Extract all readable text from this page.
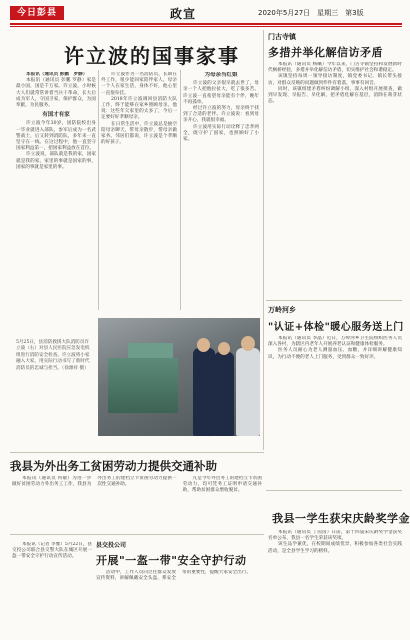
今日彭县	政宣	2020年5月27日　星期三　第3版
许立波的国事家事

本报讯（通讯员 彭鹏　罗静）

本报讯（通讯员 彭鹏 罗静）家是最小国，国是千万家。许立波，小时候大人们就常常讲着当兵干革命，长大后成为军人，守国卫家，保护群众，为国奉献，为民服务。

有国才有家

许立波今年30岁，国防院校出身一毕业就进入部队，参军后成为一名武警战士，后又转到消防队，多年来一直坚守在一线。在这过程中，他一直坚守国家利益第一，把国家利益放在首位。

许立波说，部队就是我的家，国家就是我的家，家里的事就是国家的事，国家的事就是家里的事。

许立波作为一名消防员，长期在外工作，很少能回家陪伴家人。母亲一个人在家生活，身体不好，他心里一直很牵挂。

2018年许立波调回县消防大队工作，终于能够在家乡照顾母亲。他说：这些年欠家里的太多了，今后一定要好好孝顺母亲。

在日常生活中，许立波总是抽空陪母亲聊天，带母亲散步，帮母亲做家务。邻居们都说，许立波是个孝顺的好孩子。

为母亲当红娘

许立波的父亲很早就去世了，母亲一个人把他拉扯大，吃了很多苦。许立波一直希望母亲能有个伴，晚年不再孤单。

经过许立波的努力，母亲终于找到了合适的老伴。许立波说：看到母亲开心，我就很幸福。

许立波用实际行动诠释了忠孝两全，既守护了国家，也照顾好了小家。

5月25日，县消防救援大队消防员许立波（右）对县人民医院应急发电机组进行消防安全检查。许立波将小家融入大家，用实际行动书写了新时代消防员的忠诚与担当。（徐源祥 摄）
门古寺镇
多措并举化解信访矛盾

本报讯（通讯员 杨曦）今年以来，门古寺镇坚持和发展新时代枫桥经验，多措并举化解信访矛盾，切实维护社会和谐稳定。

该镇坚持每周一领导接访制度，镇党委书记、镇长带头接访，对群众反映的问题做到件件有着落，事事有回音。

同时，该镇组建矛盾纠纷调解小组，深入村组开展排查，做到早发现、早报告、早化解，把矛盾化解在基层，消除在萌芽状态。

万岭河乡
"认证+体检"暖心服务送上门

本报讯（通讯员 李晶）近日，万岭河乡卫生院组织医务人员深入各村，为辖区内老年人开展养老认证和健康体检服务。

医务人员耐心为老人测量血压、血糖，并详细讲解健康知识，为行动不便的老人上门服务，受到群众一致好评。

我县一学生获宋庆龄奖学金

本报讯（通讯员 丁茵茵）日前，第十四届宋庆龄奖学金获奖名单公布，我县一名学生荣获该奖项。

该生品学兼优，在校期间成绩优异，积极参加各类社会实践活动，是全县学生学习的榜样。

我县为外出务工贫困劳动力提供交通补助

本报讯（通讯员 何敏）为进一步做好贫困劳动力外出务工工作，我县为外出务工的建档立卡贫困劳动力提供一次性交通补助。

凡是今年外出务工的建档立卡贫困劳动力，均可凭务工证明申请交通补助，帮助贫困群众增收脱贫。

县交投公司
开展"一盔一带"安全守护行动

本报讯（记者 李雅）5月22日，县交投公司联合县交警大队在城区开展一盔一带安全守护行动宣传活动。

活动中，工作人员向过往群众发放宣传资料，讲解佩戴安全头盔、系安全带的重要性，提醒大家安全出行。
